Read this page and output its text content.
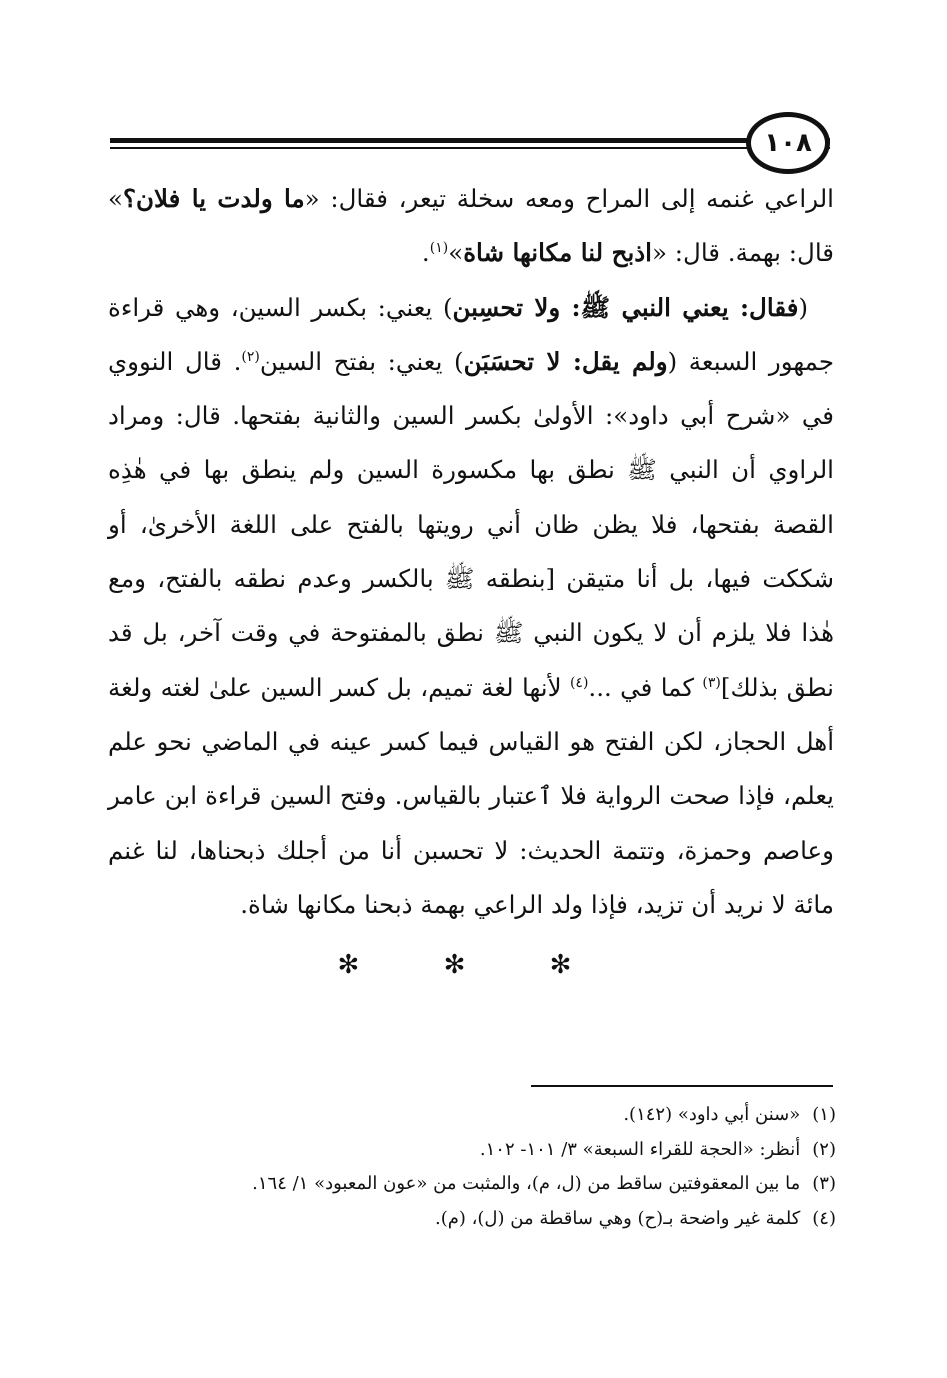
١٠٨

الراعي غنمه إلى المراح ومعه سخلة تيعر، فقال: «ما ولدت يا فلان؟» قال: بهمة. قال: «اذبح لنا مكانها شاة»$^{(١)}$.

(فقال: يعني النبي ﷺ: ولا تحسِبن) يعني: بكسر السين، وهي قراءة جمهور السبعة (ولم يقل: لا تحسَبَن) يعني: بفتح السين$^{(٢)}$. قال النووي في «شرح أبي داود»: الأولىٰ بكسر السين والثانية بفتحها. قال: ومراد الراوي أن النبي ﷺ نطق بها مكسورة السين ولم ينطق بها في هٰذِه القصة بفتحها، فلا يظن ظان أني رويتها بالفتح على اللغة الأخرىٰ، أو شككت فيها، بل أنا متيقن [بنطقه ﷺ بالكسر وعدم نطقه بالفتح، ومع هٰذا فلا يلزم أن لا يكون النبي ﷺ نطق بالمفتوحة في وقت آخر، بل قد نطق بذلك]$^{(٣)}$ كما في ...$^{(٤)}$ لأنها لغة تميم، بل كسر السين علىٰ لغته ولغة أهل الحجاز، لكن الفتح هو القياس فيما كسر عينه في الماضي نحو علم يعلم، فإذا صحت الرواية فلا ٱعتبار بالقياس. وفتح السين قراءة ابن عامر وعاصم وحمزة، وتتمة الحديث: لا تحسبن أنا من أجلك ذبحناها، لنا غنم مائة لا نريد أن تزيد، فإذا ولد الراعي بهمة ذبحنا مكانها شاة.

✻ ✻ ✻

(١)«سنن أبي داود» (١٤٢).

(٢)أنظر: «الحجة للقراء السبعة» ٣/ ١٠١- ١٠٢.

(٣)ما بين المعقوفتين ساقط من (ل، م)، والمثبت من «عون المعبود» ١/ ١٦٤.

(٤)كلمة غير واضحة بـ(ح) وهي ساقطة من (ل)، (م).
